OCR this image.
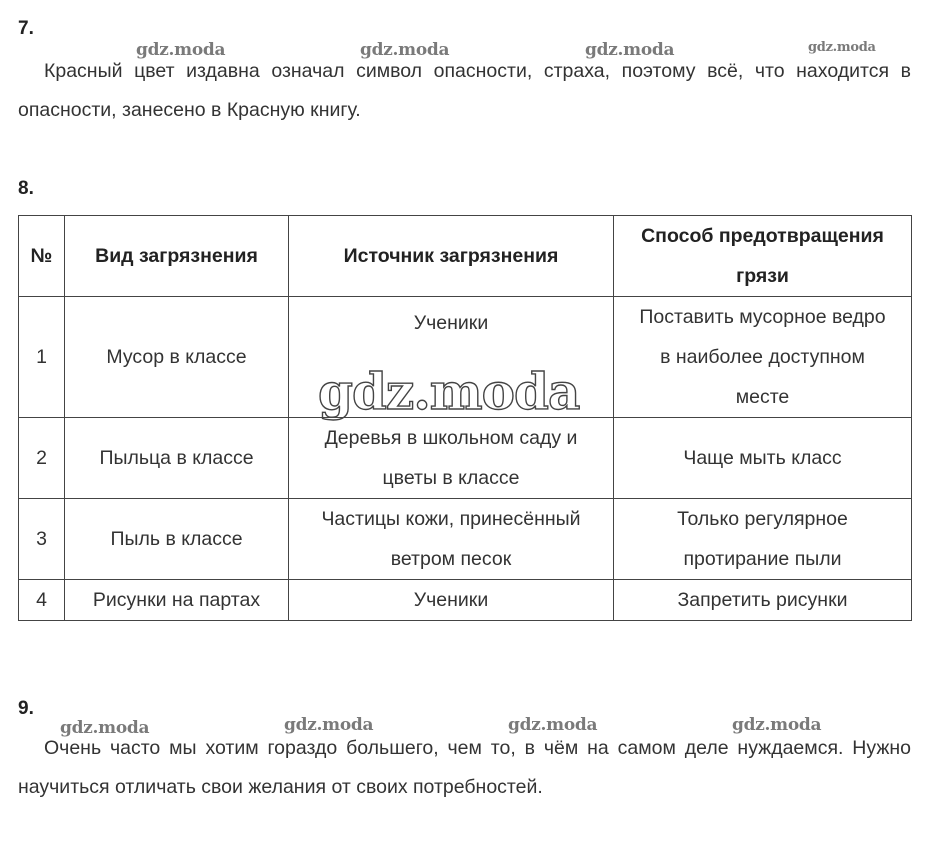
7.
gdz.moda	gdz.moda	gdz.moda	gdz.moda
Красный цвет издавна означал символ опасности, страха, поэтому всё, что находится в опасности, занесено в Красную книгу.
8.
№	Вид загрязнения	Источник загрязнения	Способ предотвращения грязи
1	Мусор в классе	Ученики	Поставить мусорное ведро в наиболее доступном месте
2	Пыльца в классе	Деревья в школьном саду и цветы в классе	Чаще мыть класс
3	Пыль в классе	Частицы кожи, принесённый ветром песок	Только регулярное протирание пыли
4	Рисунки на партах	Ученики	Запретить рисунки
gdz.moda
9.
gdz.moda	gdz.moda	gdz.moda	gdz.moda
Очень часто мы хотим гораздо большего, чем то, в чём на самом деле нуждаемся. Нужно научиться отличать свои желания от своих потребностей.
